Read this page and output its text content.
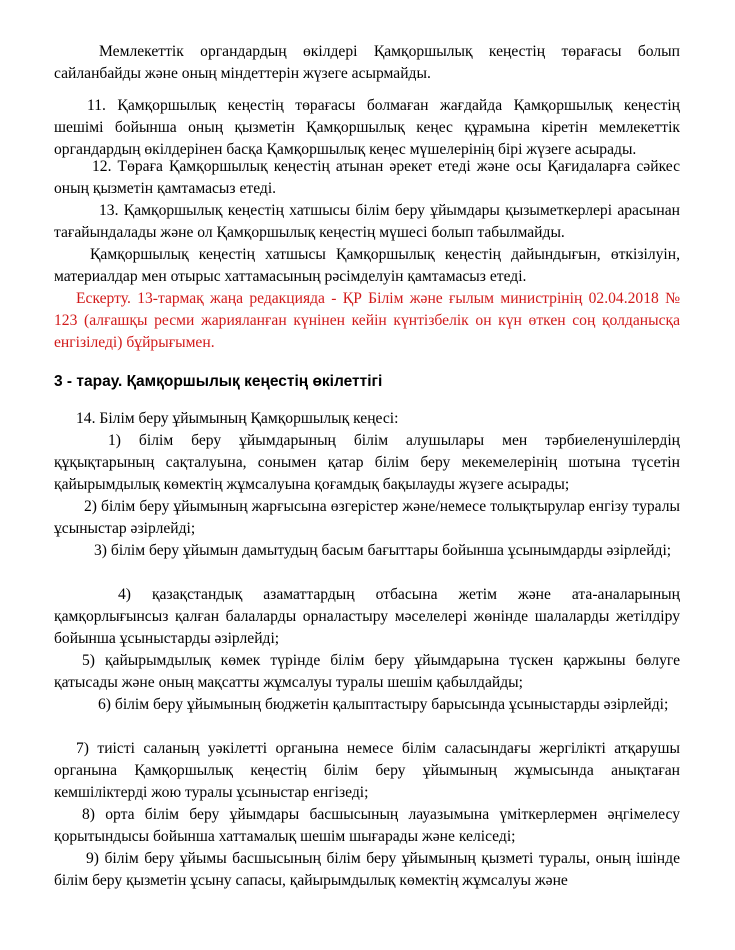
Мемлекеттік органдардың өкілдері Қамқоршылық кеңестің төрағасы болып сайланбайды және оның міндеттерін жүзеге асырмайды.

11. Қамқоршылық кеңестің төрағасы болмаған жағдайда Қамқоршылық кеңестің шешімі бойынша оның қызметін Қамқоршылық кеңес құрамына кіретін мемлекеттік органдардың өкілдерінен басқа Қамқоршылық кеңес мүшелерінің бірі жүзеге асырады.

12. Төраға Қамқоршылық кеңестің атынан әрекет етеді және осы Қағидаларға сәйкес оның қызметін қамтамасыз етеді.

13. Қамқоршылық кеңестің хатшысы білім беру ұйымдары қызыметкерлері арасынан тағайындалады және ол Қамқоршылық кеңестің мүшесі болып табылмайды.

Қамқоршылық кеңестің хатшысы Қамқоршылық кеңестің дайындығын, өткізілуін, материалдар мен отырыс хаттамасының рәсімделуін қамтамасыз етеді.

Ескерту. 13-тармақ жаңа редакцияда - ҚР Білім және ғылым министрінің 02.04.2018 № 123 (алғашқы ресми жарияланған күнінен кейін күнтізбелік он күн өткен соң қолданысқа енгізіледі) бұйрығымен.

3 - тарау. Қамқоршылық кеңестің өкілеттігі

14. Білім беру ұйымының Қамқоршылық кеңесі:

1) білім беру ұйымдарының білім алушылары мен тәрбиеленушілердің құқықтарының сақталуына, сонымен қатар білім беру мекемелерінің шотына түсетін қайырымдылық көмектің жұмсалуына қоғамдық бақылауды жүзеге асырады;

2) білім беру ұйымының жарғысына өзгерістер және/немесе толықтырулар енгізу туралы ұсыныстар әзірлейді;

3) білім беру ұйымын дамытудың басым бағыттары бойынша ұсынымдарды әзірлейді;

4) қазақстандық азаматтардың отбасына жетім және ата-аналарының қамқорлығынсыз қалған балаларды орналастыру мәселелері жөнінде шалаларды жетілдіру бойынша ұсыныстарды әзірлейді;

5) қайырымдылық көмек түрінде білім беру ұйымдарына түскен қаржыны бөлуге қатысады және оның мақсатты жұмсалуы туралы шешім қабылдайды;

6) білім беру ұйымының бюджетін қалыптастыру барысында ұсыныстарды әзірлейді;

7) тиісті саланың уәкілетті органына немесе білім саласындағы жергілікті атқарушы органына Қамқоршылық кеңестің білім беру ұйымының жұмысында анықтаған кемшіліктерді жою туралы ұсыныстар енгізеді;

8) орта білім беру ұйымдары басшысының лауазымына үміткерлермен әңгімелесу қорытындысы бойынша хаттамалық шешім шығарады және келіседі;

9) білім беру ұйымы басшысының білім беру ұйымының қызметі туралы, оның ішінде білім беру қызметін ұсыну сапасы, қайырымдылық көмектің жұмсалуы және
